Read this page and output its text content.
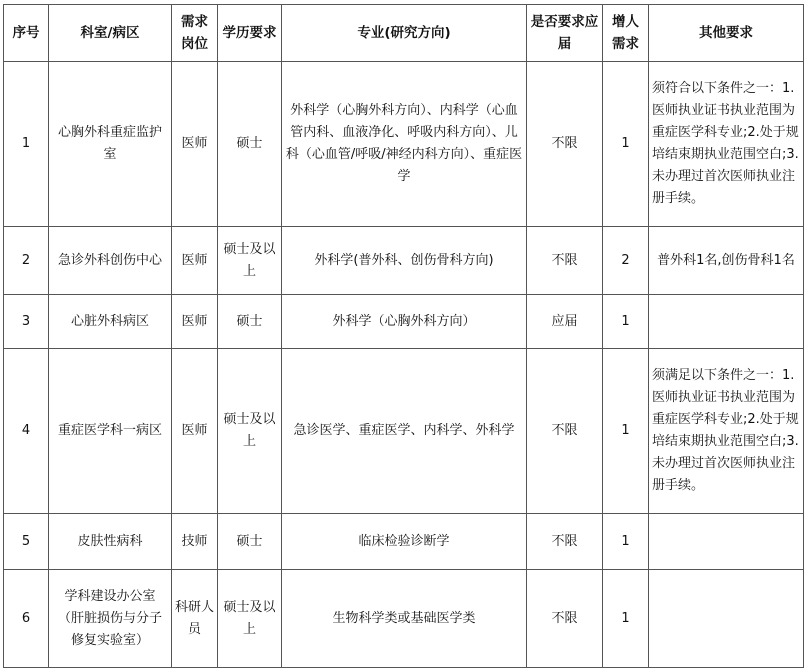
序号	科室/病区	需求岗位	学历要求	专业(研究方向)	是否要求应届	增人需求	其他要求
1	心胸外科重症监护室	医师	硕士	外科学（心胸外科方向）、内科学（心血管内科、血液净化、呼吸内科方向）、儿科（心血管/呼吸/神经内科方向）、重症医学	不限	1	须符合以下条件之一：1.医师执业证书执业范围为重症医学科专业;2.处于规培结束期执业范围空白;3.未办理过首次医师执业注册手续。
2	急诊外科创伤中心	医师	硕士及以上	外科学(普外科、创伤骨科方向)	不限	2	普外科1名,创伤骨科1名
3	心脏外科病区	医师	硕士	外科学（心胸外科方向）	应届	1	
4	重症医学科一病区	医师	硕士及以上	急诊医学、重症医学、内科学、外科学	不限	1	须满足以下条件之一：1.医师执业证书执业范围为重症医学科专业;2.处于规培结束期执业范围空白;3.未办理过首次医师执业注册手续。
5	皮肤性病科	技师	硕士	临床检验诊断学	不限	1	
6	学科建设办公室（肝脏损伤与分子修复实验室）	科研人员	硕士及以上	生物科学类或基础医学类	不限	1	
